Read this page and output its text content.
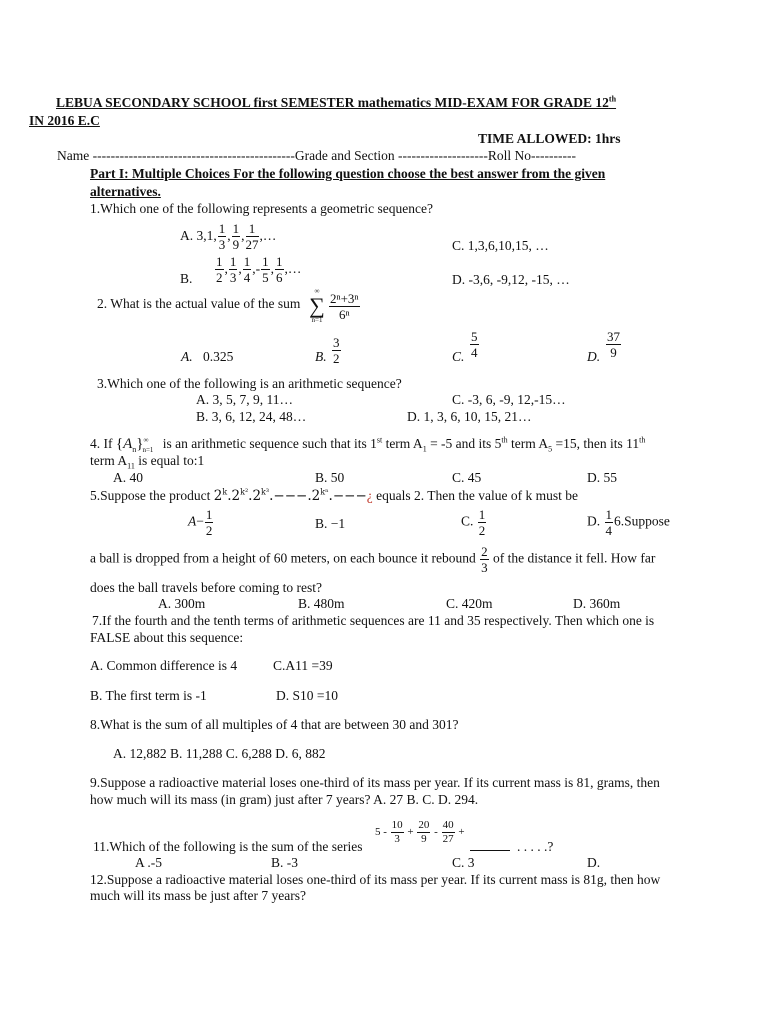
LEBUA SECONDARY SCHOOL first SEMESTER mathematics MID-EXAM FOR GRADE 12th
IN 2016 E.C
TIME ALLOWED: 1hrs
Name ---------------------------------------------Grade and Section --------------------Roll No----------
Part I: Multiple Choices For the following question choose the best answer from the given
alternatives.
1.Which one of the following represents a geometric sequence?
A. 3,1, $\frac{1}{3}$ , $\frac{1}{9}$ , $\frac{1}{27}$ ,…
C. 1,3,6,10,15, …
B. $\frac{1}{2}$ , $\frac{1}{3}$ , $\frac{1}{4}$ ,- $\frac{1}{5}$ , $\frac{1}{6}$ ,…
D. -3,6, -9,12, -15, …
2. What is the actual value of the sum
∞
∑
$n=1 \frac{\text{2ⁿ+3ⁿ}}{\text{6ⁿ}}$
A. 0.325	B. $\frac{3}{2}$	C. $\frac{5}{4}$	D. $\frac{37}{9}$
3.Which one of the following is an arithmetic sequence?
A. 3, 5, 7, 9, 11…	C. -3, 6, -9, 12,-15…
B. 3, 6, 12, 24, 48…	D. 1, 3, 6, 10, 15, 21…
4. If $\{A_n\}^\infty_{n=1}$ is an arithmetic sequence such that its 1st term $A_1 = -5$ and its 5th term $A_5 =15$, then its 11th
term $A_{11}$ is equal to:1
A. 40	B. 50	C. 45	D. 55
5.Suppose the product $2^k.2^{k^2}.2^{k^3}.---.2^{k^n}.---¿$ equals 2. Then the value of k must be
$A- \frac{1}{2}$	B. −1	C. $\frac{1}{2}$	D. $\frac{1}{4}$ 6.Suppose
a ball is dropped from a height of 60 meters, on each bounce it rebound $\frac{2}{3}$ of the distance it fell. How far
does the ball travels before coming to rest?
A. 300m	B. 480m	C. 420m	D. 360m
7.If the fourth and the tenth terms of arithmetic sequences are 11 and 35 respectively. Then which one is
FALSE about this sequence:
A. Common difference is 4	C.A11 =39
B. The first term is -1	D. S10 =10
8.What is the sum of all multiples of 4 that are between 30 and 301?
A. 12,882 B. 11,288 C. 6,288 D. 6, 882
9.Suppose a radioactive material loses one-third of its mass per year. If its current mass is 81, grams, then
how much will its mass (in gram) just after 7 years? A. 27 B. C. D. 294.
11.Which of the following is the sum of the series
$5 - \frac{10}{3} + \frac{20}{9} - \frac{40}{27}$ +
. . . . .?
A .-5	B. -3	C. 3	D.
12.Suppose a radioactive material loses one-third of its mass per year. If its current mass is 81g, then how
much will its mass be just after 7 years?
